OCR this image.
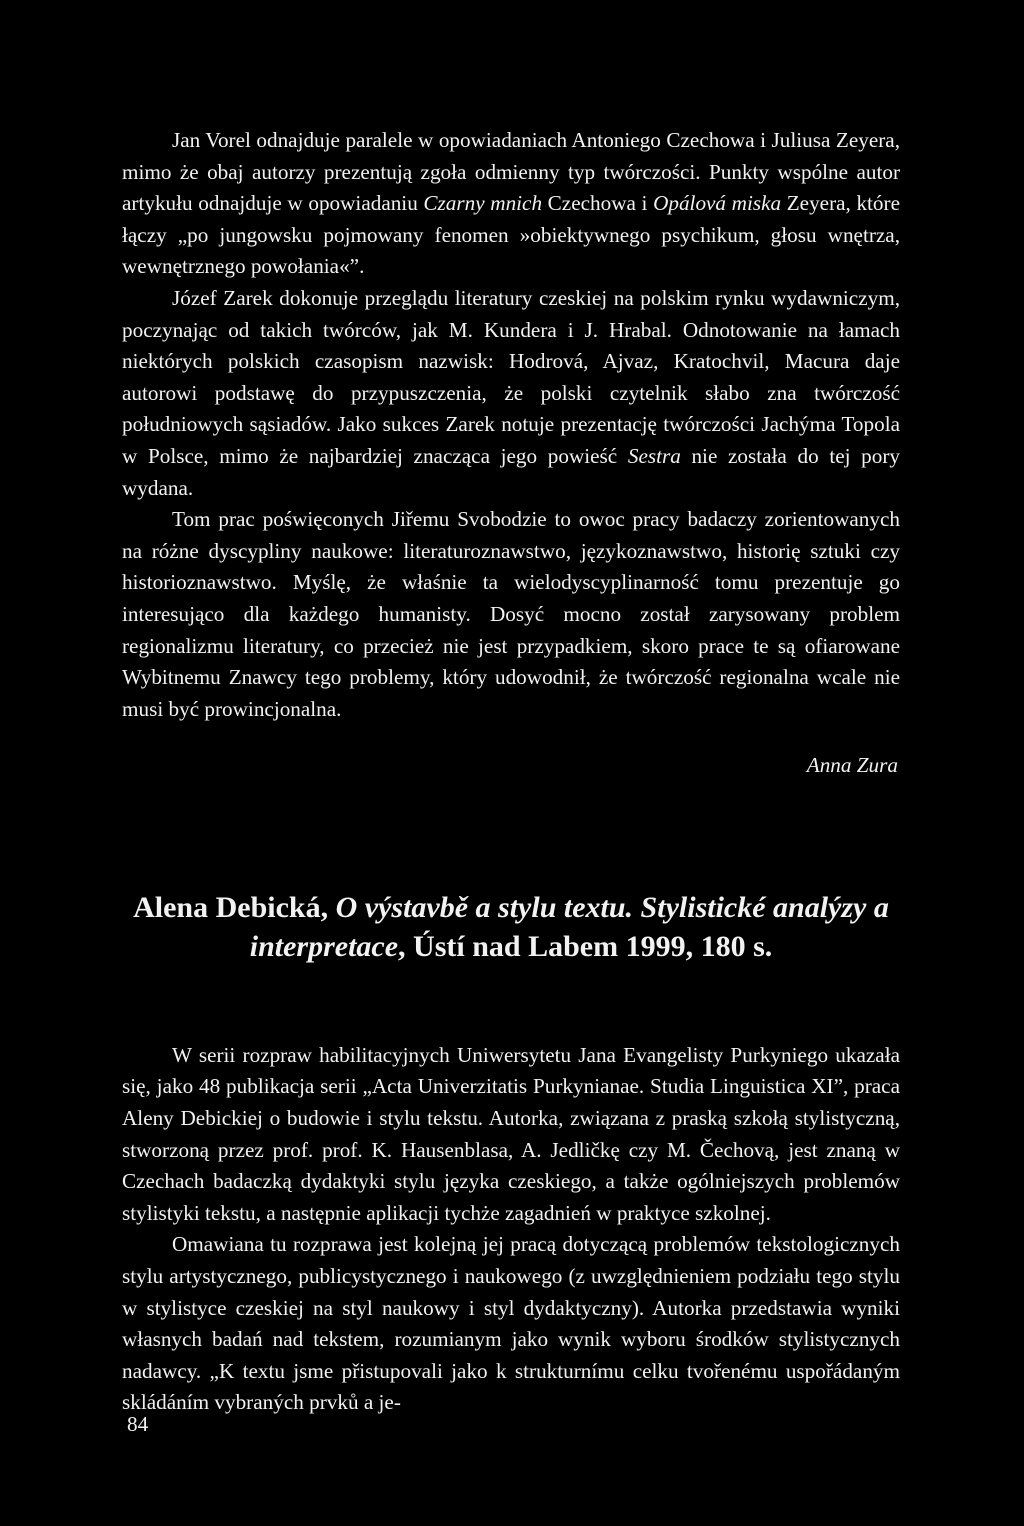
Jan Vorel odnajduje paralele w opowiadaniach Antoniego Czechowa i Juliusa Zeyera, mimo że obaj autorzy prezentują zgoła odmienny typ twórczości. Punkty wspólne autor artykułu odnajduje w opowiadaniu Czarny mnich Czechowa i Opálová miska Zeyera, które łączy „po jungowsku pojmowany fenomen »obiektywnego psychikum, głosu wnętrza, wewnętrznego powołania«”.

Józef Zarek dokonuje przeglądu literatury czeskiej na polskim rynku wydawniczym, poczynając od takich twórców, jak M. Kundera i J. Hrabal. Odnotowanie na łamach niektórych polskich czasopism nazwisk: Hodrová, Ajvaz, Kratochvil, Macura daje autorowi podstawę do przypuszczenia, że polski czytelnik słabo zna twórczość południowych sąsiadów. Jako sukces Zarek notuje prezentację twórczości Jachýma Topola w Polsce, mimo że najbardziej znacząca jego powieść Sestra nie została do tej pory wydana.

Tom prac poświęconych Jiřemu Svobodzie to owoc pracy badaczy zorientowanych na różne dyscypliny naukowe: literaturoznawstwo, językoznawstwo, historię sztuki czy historioznawstwo. Myślę, że właśnie ta wielodyscyplinarność tomu prezentuje go interesująco dla każdego humanisty. Dosyć mocno został zarysowany problem regionalizmu literatury, co przecież nie jest przypadkiem, skoro prace te są ofiarowane Wybitnemu Znawcy tego problemy, który udowodnił, że twórczość regionalna wcale nie musi być prowincjonalna.

Anna Zura
Alena Debická, O výstavbě a stylu textu. Stylistické analýzy a interpretace, Ústí nad Labem 1999, 180 s.

W serii rozpraw habilitacyjnych Uniwersytetu Jana Evangelisty Purkyniego ukazała się, jako 48 publikacja serii „Acta Univerzitatis Purkynianae. Studia Linguistica XI”, praca Aleny Debickiej o budowie i stylu tekstu. Autorka, związana z praską szkołą stylistyczną, stworzoną przez prof. prof. K. Hausenblasa, A. Jedličkę czy M. Čechovą, jest znaną w Czechach badaczką dydaktyki stylu języka czeskiego, a także ogólniejszych problemów stylistyki tekstu, a następnie aplikacji tychże zagadnień w praktyce szkolnej.

Omawiana tu rozprawa jest kolejną jej pracą dotyczącą problemów tekstologicznych stylu artystycznego, publicystycznego i naukowego (z uwzględnieniem podziału tego stylu w stylistyce czeskiej na styl naukowy i styl dydaktyczny). Autorka przedstawia wyniki własnych badań nad tekstem, rozumianym jako wynik wyboru środków stylistycznych nadawcy. „K textu jsme přistupovali jako k strukturnímu celku tvořenému uspořádaným skládáním vybraných prvků a je-

84
